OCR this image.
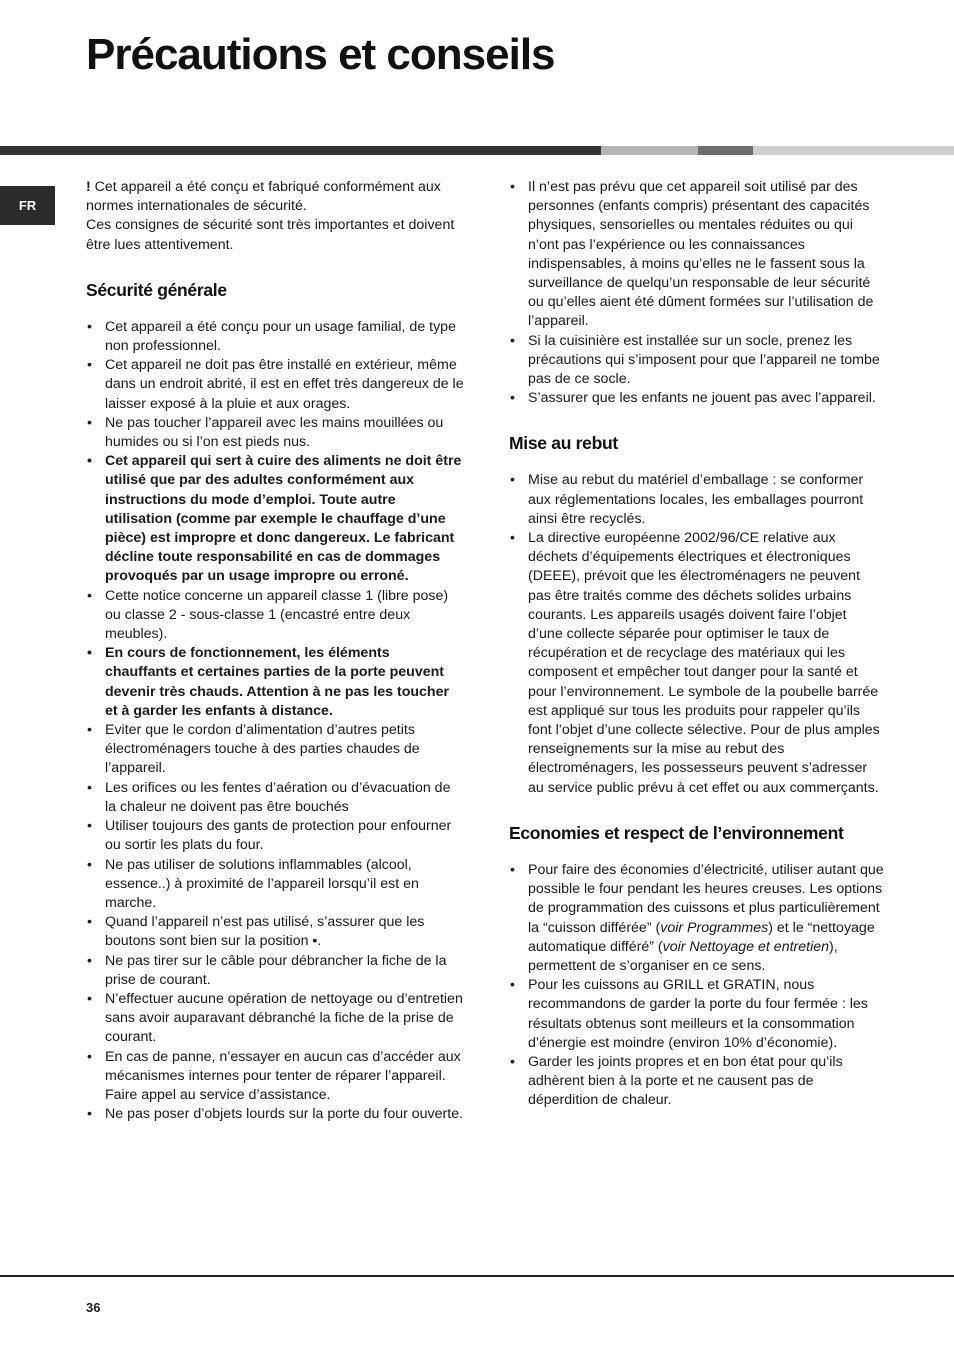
Précautions et conseils
FR

! Cet appareil a été conçu et fabriqué conformément aux normes internationales de sécurité.

Ces consignes de sécurité sont très importantes et doivent être lues attentivement.

Sécurité générale
• Cet appareil a été conçu pour un usage familial, de type non professionnel.
• Cet appareil ne doit pas être installé en extérieur, même dans un endroit abrité, il est en effet très dangereux de le laisser exposé à la pluie et aux orages.
• Ne pas toucher l’appareil avec les mains mouillées ou humides ou si l’on est pieds nus.
• Cet appareil qui sert à cuire des aliments ne doit être utilisé que par des adultes conformément aux instructions du mode d’emploi. Toute autre utilisation (comme par exemple le chauffage d’une pièce) est impropre et donc dangereux. Le fabricant décline toute responsabilité en cas de dommages provoqués par un usage impropre ou erroné.
• Cette notice concerne un appareil classe 1 (libre pose) ou classe 2 - sous-classe 1 (encastré entre deux meubles).
• En cours de fonctionnement, les éléments chauffants et certaines parties de la porte peuvent devenir très chauds. Attention à ne pas les toucher et à garder les enfants à distance.
• Eviter que le cordon d’alimentation d’autres petits électroménagers touche à des parties chaudes de l’appareil.
• Les orifices ou les fentes d’aération ou d’évacuation de la chaleur ne doivent pas être bouchés
• Utiliser toujours des gants de protection pour enfourner ou sortir les plats du four.
• Ne pas utiliser de solutions inflammables (alcool, essence..) à proximité de l’appareil lorsqu’il est en marche.
• Quand l’appareil n’est pas utilisé, s’assurer que les boutons sont bien sur la position •.
• Ne pas tirer sur le câble pour débrancher la fiche de la prise de courant.
• N’effectuer aucune opération de nettoyage ou d’entretien sans avoir auparavant débranché la fiche de la prise de courant.
• En cas de panne, n’essayer en aucun cas d’accéder aux mécanismes internes pour tenter de réparer l’appareil. Faire appel au service d’assistance.
• Ne pas poser d’objets lourds sur la porte du four ouverte.
• Il n’est pas prévu que cet appareil soit utilisé par des personnes (enfants compris) présentant des capacités physiques, sensorielles ou mentales réduites ou qui n’ont pas l’expérience ou les connaissances indispensables, à moins qu’elles ne le fassent sous la surveillance de quelqu’un responsable de leur sécurité ou qu’elles aient été dûment formées sur l’utilisation de l’appareil.
• Si la cuisinière est installée sur un socle, prenez les précautions qui s’imposent pour que l’appareil ne tombe pas de ce socle.
• S’assurer que les enfants ne jouent pas avec l’appareil.
Mise au rebut
• Mise au rebut du matériel d’emballage : se conformer aux réglementations locales, les emballages pourront ainsi être recyclés.
• La directive européenne 2002/96/CE relative aux déchets d’équipements électriques et électroniques (DEEE), prévoit que les électroménagers ne peuvent pas être traités comme des déchets solides urbains courants. Les appareils usagés doivent faire l’objet d’une collecte séparée pour optimiser le taux de récupération et de recyclage des matériaux qui les composent et empêcher tout danger pour la santé et pour l’environnement. Le symbole de la poubelle barrée est appliqué sur tous les produits pour rappeler qu’ils font l’objet d’une collecte sélective. Pour de plus amples renseignements sur la mise au rebut des électroménagers, les possesseurs peuvent s’adresser au service public prévu à cet effet ou aux commerçants.
Economies et respect de l’environnement
• Pour faire des économies d’électricité, utiliser autant que possible le four pendant les heures creuses. Les options de programmation des cuissons et plus particulièrement la “cuisson différée” (voir Programmes) et le “nettoyage automatique différé” (voir Nettoyage et entretien), permettent de s’organiser en ce sens.
• Pour les cuissons au GRILL et GRATIN, nous recommandons de garder la porte du four fermée : les résultats obtenus sont meilleurs et la consommation d’énergie est moindre (environ 10% d’économie).
• Garder les joints propres et en bon état pour qu’ils adhèrent bien à la porte et ne causent pas de déperdition de chaleur.
36
